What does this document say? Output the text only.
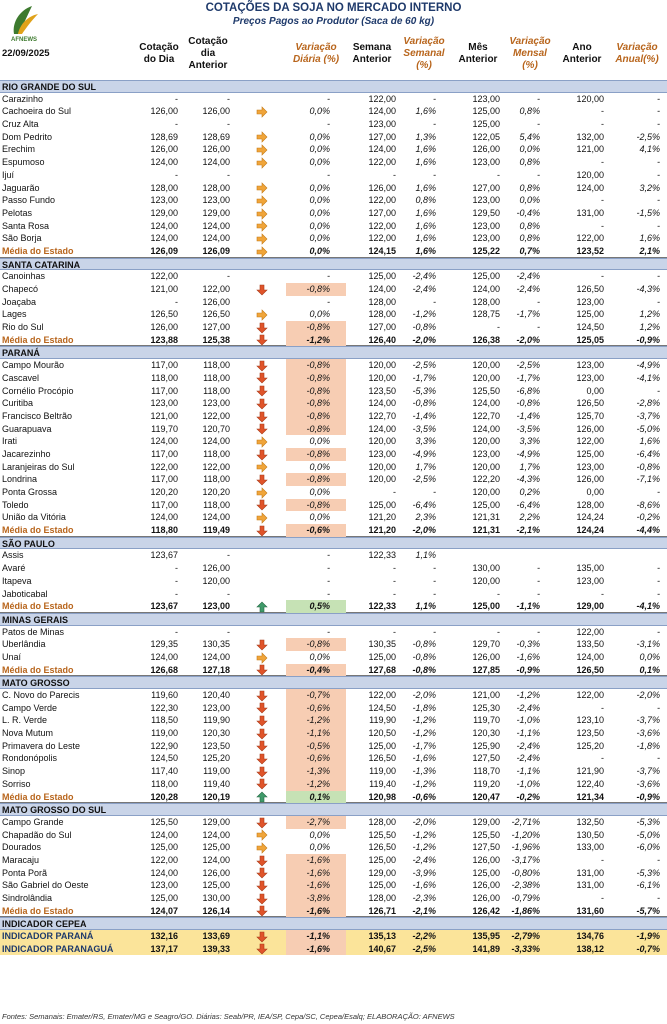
AFNEWS
COTAÇÕES DA SOJA NO MERCADO INTERNO
Preços Pagos ao Produtor (Saca de 60 kg)
22/09/2025
Cotação
do Dia
Cotação
dia
Anterior
Variação
Diária (%)
Semana
Anterior
Variação
Semanal
(%)
Mês
Anterior
Variação
Mensal
(%)
Ano
Anterior
Variação
Anual(%)
RIO GRANDE DO SUL
Carazinho	-	-	-	122,00	-	123,00	-	120,00	-
Cachoeira do Sul	126,00	126,00	0,0%	124,00	1,6%	125,00	0,8%	-	-
Cruz Alta	-	-	-	123,00	-	125,00	-	-	-
Dom Pedrito	128,69	128,69	0,0%	127,00	1,3%	122,05	5,4%	132,00	-2,5%
Erechim	126,00	126,00	0,0%	124,00	1,6%	126,00	0,0%	121,00	4,1%
Espumoso	124,00	124,00	0,0%	122,00	1,6%	123,00	0,8%	-	-
Ijuí	-	-	-	-	-	-	-	120,00	-
Jaguarão	128,00	128,00	0,0%	126,00	1,6%	127,00	0,8%	124,00	3,2%
Passo Fundo	123,00	123,00	0,0%	122,00	0,8%	123,00	0,0%	-	-
Pelotas	129,00	129,00	0,0%	127,00	1,6%	129,50	-0,4%	131,00	-1,5%
Santa Rosa	124,00	124,00	0,0%	122,00	1,6%	123,00	0,8%	-	-
São Borja	124,00	124,00	0,0%	122,00	1,6%	123,00	0,8%	122,00	1,6%
Média do Estado	126,09	126,09	0,0%	124,15	1,6%	125,22	0,7%	123,52	2,1%
SANTA CATARINA
Canoinhas	122,00	-	-	125,00	-2,4%	125,00	-2,4%	-	-
Chapecó	121,00	122,00	-0,8%	124,00	-2,4%	124,00	-2,4%	126,50	-4,3%
Joaçaba	-	126,00	-	128,00	-	128,00	-	123,00	-
Lages	126,50	126,50	0,0%	128,00	-1,2%	128,75	-1,7%	125,00	1,2%
Rio do Sul	126,00	127,00	-0,8%	127,00	-0,8%	-	-	124,50	1,2%
Média do Estado	123,88	125,38	-1,2%	126,40	-2,0%	126,38	-2,0%	125,05	-0,9%
PARANÁ
Campo Mourão	117,00	118,00	-0,8%	120,00	-2,5%	120,00	-2,5%	123,00	-4,9%
Cascavel	118,00	118,00	-0,8%	120,00	-1,7%	120,00	-1,7%	123,00	-4,1%
Cornélio Procópio	117,00	118,00	-0,8%	123,50	-5,3%	125,50	-6,8%	0,00	-
Curitiba	123,00	123,00	-0,8%	124,00	-0,8%	124,00	-0,8%	126,50	-2,8%
Francisco Beltrão	121,00	122,00	-0,8%	122,70	-1,4%	122,70	-1,4%	125,70	-3,7%
Guarapuava	119,70	120,70	-0,8%	124,00	-3,5%	124,00	-3,5%	126,00	-5,0%
Irati	124,00	124,00	0,0%	120,00	3,3%	120,00	3,3%	122,00	1,6%
Jacarezinho	117,00	118,00	-0,8%	123,00	-4,9%	123,00	-4,9%	125,00	-6,4%
Laranjeiras do Sul	122,00	122,00	0,0%	120,00	1,7%	120,00	1,7%	123,00	-0,8%
Londrina	117,00	118,00	-0,8%	120,00	-2,5%	122,20	-4,3%	126,00	-7,1%
Ponta Grossa	120,20	120,20	0,0%	-	-	120,00	0,2%	0,00	-
Toledo	117,00	118,00	-0,8%	125,00	-6,4%	125,00	-6,4%	128,00	-8,6%
União da Vitória	124,00	124,00	0,0%	121,20	2,3%	121,31	2,2%	124,24	-0,2%
Média do Estado	118,80	119,49	-0,6%	121,20	-2,0%	121,31	-2,1%	124,24	-4,4%
SÃO PAULO
Assis	123,67	-	-	122,33	1,1%
Avaré	-	126,00	-	-	-	130,00	-	135,00	-
Itapeva	-	120,00	-	-	-	120,00	-	123,00	-
Jaboticabal	-	-	-	-	-	-	-	-	-
Média do Estado	123,67	123,00	0,5%	122,33	1,1%	125,00	-1,1%	129,00	-4,1%
MINAS GERAIS
Patos de Minas	-	-	-	-	-	-	-	122,00	-
Uberlândia	129,35	130,35	-0,8%	130,35	-0,8%	129,70	-0,3%	133,50	-3,1%
Unaí	124,00	124,00	0,0%	125,00	-0,8%	126,00	-1,6%	124,00	0,0%
Média do Estado	126,68	127,18	-0,4%	127,68	-0,8%	127,85	-0,9%	126,50	0,1%
MATO GROSSO
C. Novo do Parecis	119,60	120,40	-0,7%	122,00	-2,0%	121,00	-1,2%	122,00	-2,0%
Campo Verde	122,30	123,00	-0,6%	124,50	-1,8%	125,30	-2,4%	-	-
L. R. Verde	118,50	119,90	-1,2%	119,90	-1,2%	119,70	-1,0%	123,10	-3,7%
Nova Mutum	119,00	120,30	-1,1%	120,50	-1,2%	120,30	-1,1%	123,50	-3,6%
Primavera do Leste	122,90	123,50	-0,5%	125,00	-1,7%	125,90	-2,4%	125,20	-1,8%
Rondonópolis	124,50	125,20	-0,6%	126,50	-1,6%	127,50	-2,4%	-	-
Sinop	117,40	119,00	-1,3%	119,00	-1,3%	118,70	-1,1%	121,90	-3,7%
Sorriso	118,00	119,40	-1,2%	119,40	-1,2%	119,20	-1,0%	122,40	-3,6%
Média do Estado	120,28	120,19	0,1%	120,98	-0,6%	120,47	-0,2%	121,34	-0,9%
MATO GROSSO DO SUL
Campo Grande	125,50	129,00	-2,7%	128,00	-2,0%	129,00	-2,71%	132,50	-5,3%
Chapadão do Sul	124,00	124,00	0,0%	125,50	-1,2%	125,50	-1,20%	130,50	-5,0%
Dourados	125,00	125,00	0,0%	126,50	-1,2%	127,50	-1,96%	133,00	-6,0%
Maracaju	122,00	124,00	-1,6%	125,00	-2,4%	126,00	-3,17%	-	-
Ponta Porã	124,00	126,00	-1,6%	129,00	-3,9%	125,00	-0,80%	131,00	-5,3%
São Gabriel do Oeste	123,00	125,00	-1,6%	125,00	-1,6%	126,00	-2,38%	131,00	-6,1%
Sindrolândia	125,00	130,00	-3,8%	128,00	-2,3%	126,00	-0,79%	-	-
Média do Estado	124,07	126,14	-1,6%	126,71	-2,1%	126,42	-1,86%	131,60	-5,7%
INDICADOR CEPEA
INDICADOR PARANÁ	132,16	133,69	-1,1%	135,13	-2,2%	135,95	-2,79%	134,76	-1,9%
INDICADOR PARANAGUÁ	137,17	139,33	-1,6%	140,67	-2,5%	141,89	-3,33%	138,12	-0,7%
Fontes: Semanais: Emater/RS, Emater/MG e Seagro/GO. Diárias: Seab/PR, IEA/SP, Cepa/SC, Cepea/Esalq; ELABORAÇÃO: AFNEWS
